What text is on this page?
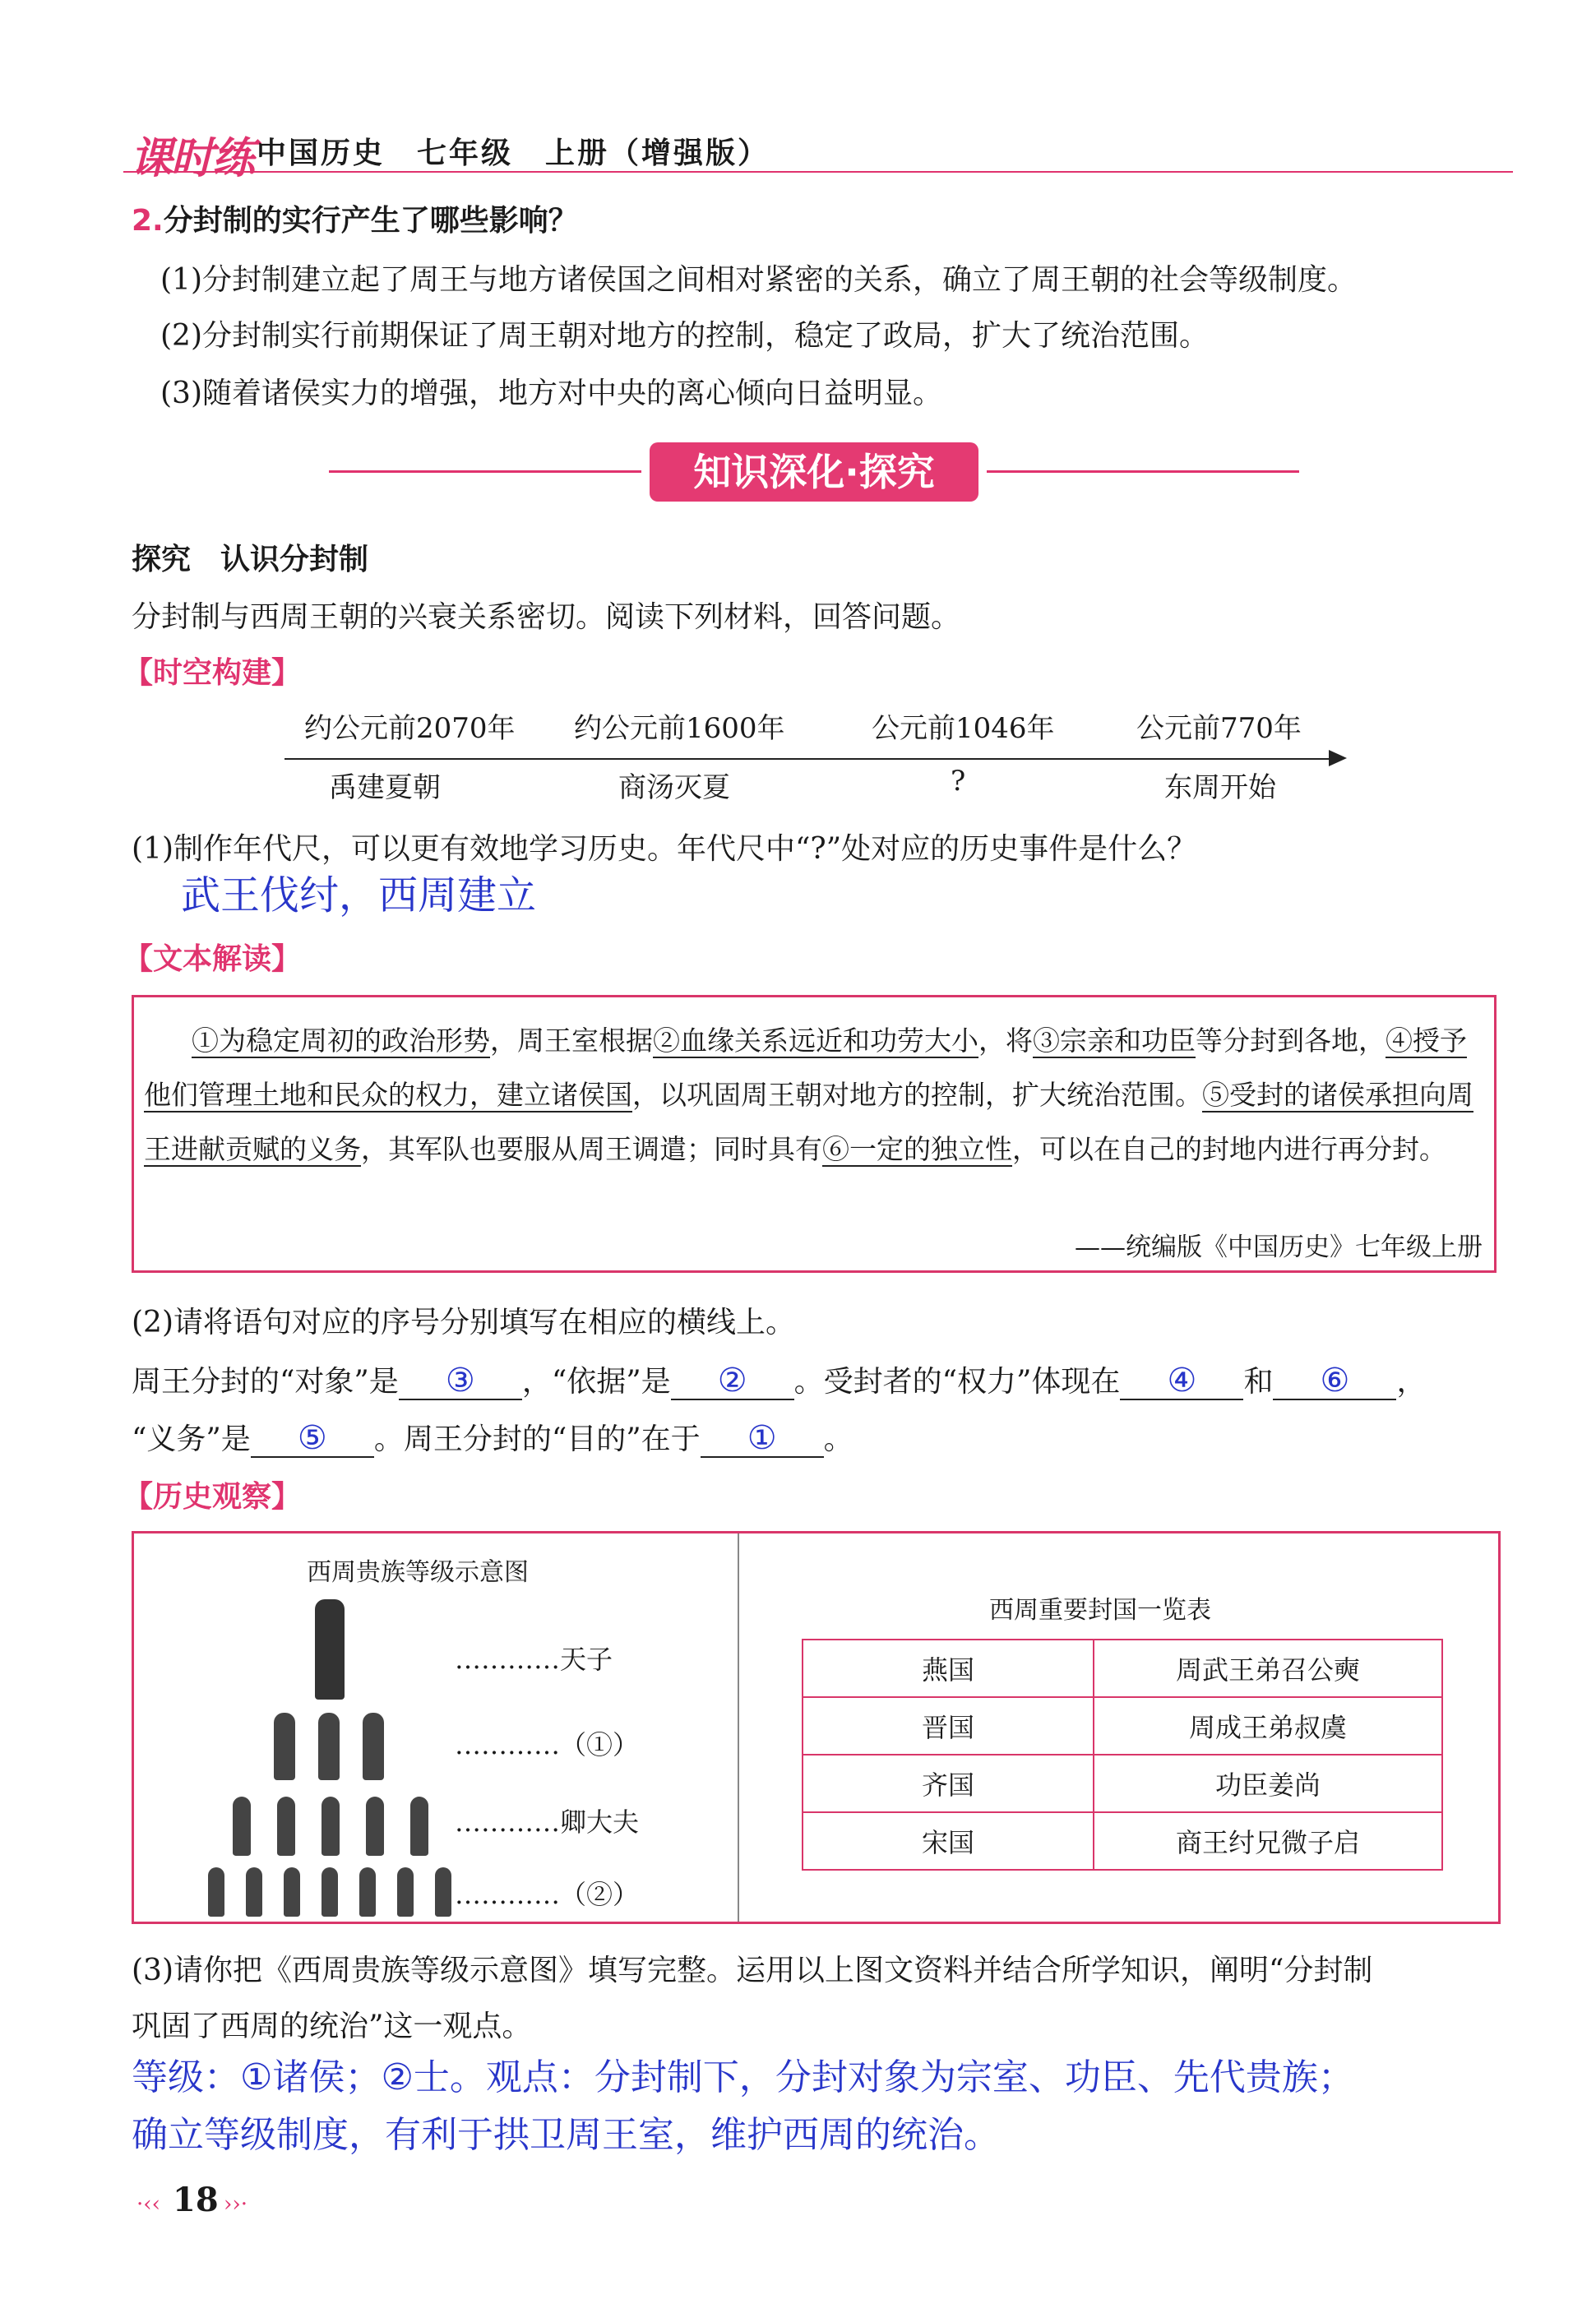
课时练 中国历史　七年级　上册（增强版）
2.分封制的实行产生了哪些影响？
(1)分封制建立起了周王与地方诸侯国之间相对紧密的关系，确立了周王朝的社会等级制度。
(2)分封制实行前期保证了周王朝对地方的控制，稳定了政局，扩大了统治范围。
(3)随着诸侯实力的增强，地方对中央的离心倾向日益明显。
知识深化·探究
探究　认识分封制
分封制与西周王朝的兴衰关系密切。阅读下列材料，回答问题。
【时空构建】
约公元前2070年 约公元前1600年	公元前1046年	公元前770年
禹建夏朝	商汤灭夏	?	东周开始
(1)制作年代尺，可以更有效地学习历史。年代尺中“?”处对应的历史事件是什么？
武王伐纣，西周建立
【文本解读】
①为稳定周初的政治形势，周王室根据②血缘关系远近和功劳大小，将③宗亲和功臣等分封到各地，④授予他们管理土地和民众的权力，建立诸侯国，以巩固周王朝对地方的控制，扩大统治范围。⑤受封的诸侯承担向周王进献贡赋的义务，其军队也要服从周王调遣；同时具有⑥一定的独立性，可以在自己的封地内进行再分封。
——统编版《中国历史》七年级上册
(2)请将语句对应的序号分别填写在相应的横线上。
周王分封的“对象”是 ③ ，“依据”是 ② 。受封者的“权力”体现在 ④ 和 ⑥ ，
“义务”是 ⑤ 。周王分封的“目的”在于 ① 。
【历史观察】
西周贵族等级示意图
…………天子
…………（①）
…………卿大夫
…………（②）
西周重要封国一览表
燕国	周武王弟召公奭
晋国	周成王弟叔虞
齐国	功臣姜尚
宋国	商王纣兄微子启
(3)请你把《西周贵族等级示意图》填写完整。运用以上图文资料并结合所学知识，阐明“分封制
巩固了西周的统治”这一观点。
等级：①诸侯；②士。观点：分封制下，分封对象为宗室、功臣、先代贵族；
确立等级制度，有利于拱卫周王室，维护西周的统治。
·‹‹ 18 ››·
